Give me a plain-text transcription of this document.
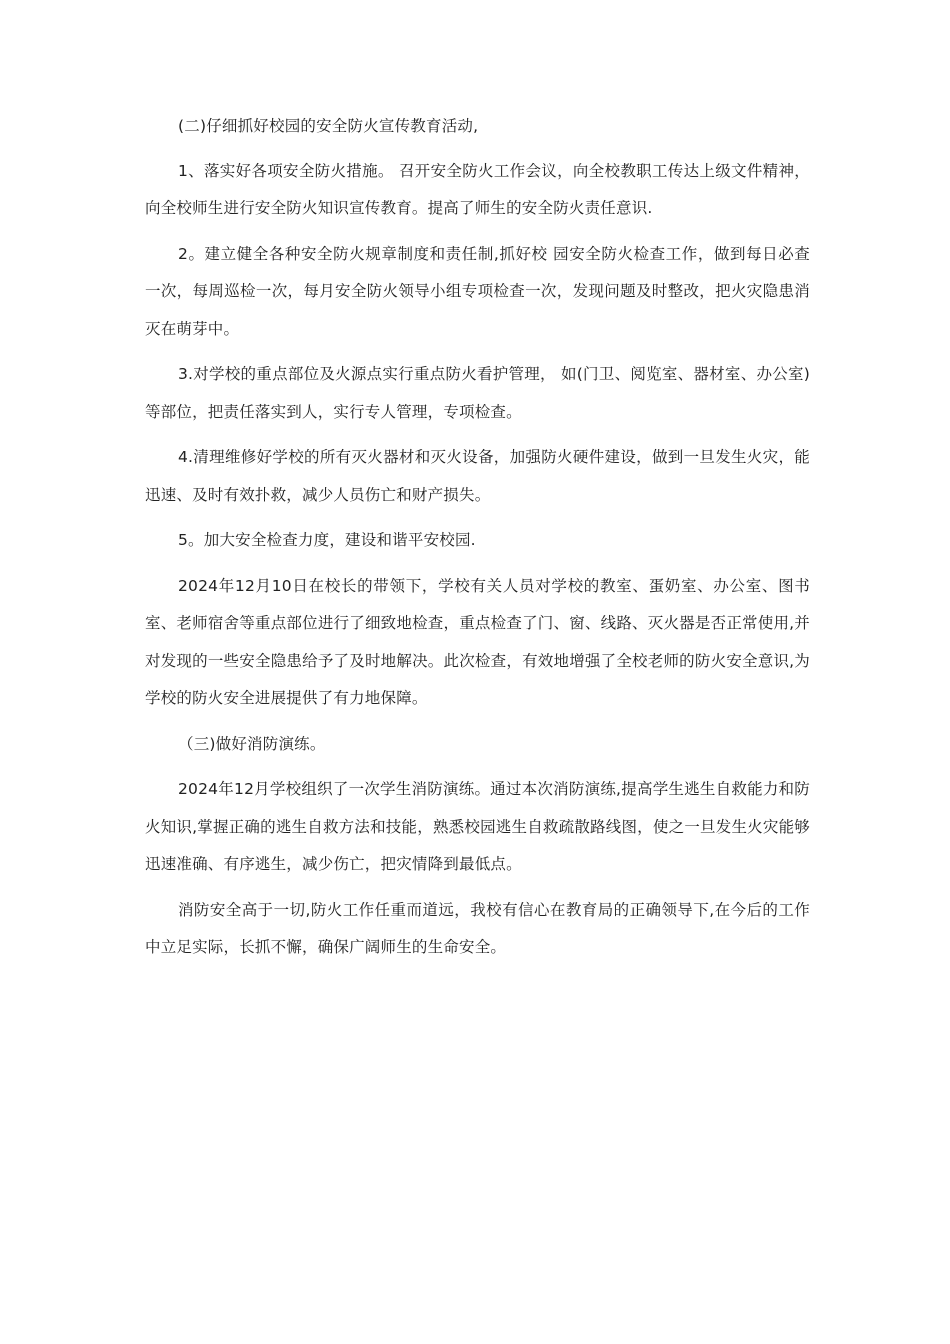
(二)仔细抓好校园的安全防火宣传教育活动,

1、落实好各项安全防火措施。 召开安全防火工作会议，向全校教职工传达上级文件精神，向全校师生进行安全防火知识宣传教育。提高了师生的安全防火责任意识.

2。建立健全各种安全防火规章制度和责任制,抓好校 园安全防火检查工作，做到每日必查一次，每周巡检一次，每月安全防火领导小组专项检查一次，发现问题及时整改，把火灾隐患消灭在萌芽中。

3.对学校的重点部位及火源点实行重点防火看护管理， 如(门卫、阅览室、器材室、办公室)等部位，把责任落实到人，实行专人管理，专项检查。

4.清理维修好学校的所有灭火器材和灭火设备，加强防火硬件建设，做到一旦发生火灾，能迅速、及时有效扑救，减少人员伤亡和财产损失。

5。加大安全检查力度，建设和谐平安校园.

2024年12月10日在校长的带领下，学校有关人员对学校的教室、蛋奶室、办公室、图书室、老师宿舍等重点部位进行了细致地检查，重点检查了门、窗、线路、灭火器是否正常使用,并对发现的一些安全隐患给予了及时地解决。此次检查，有效地增强了全校老师的防火安全意识,为学校的防火安全进展提供了有力地保障。

（三)做好消防演练。

2024年12月学校组织了一次学生消防演练。通过本次消防演练,提高学生逃生自救能力和防火知识,掌握正确的逃生自救方法和技能，熟悉校园逃生自救疏散路线图，使之一旦发生火灾能够迅速准确、有序逃生，减少伤亡，把灾情降到最低点。

消防安全高于一切,防火工作任重而道远，我校有信心在教育局的正确领导下,在今后的工作中立足实际，长抓不懈，确保广阔师生的生命安全。
